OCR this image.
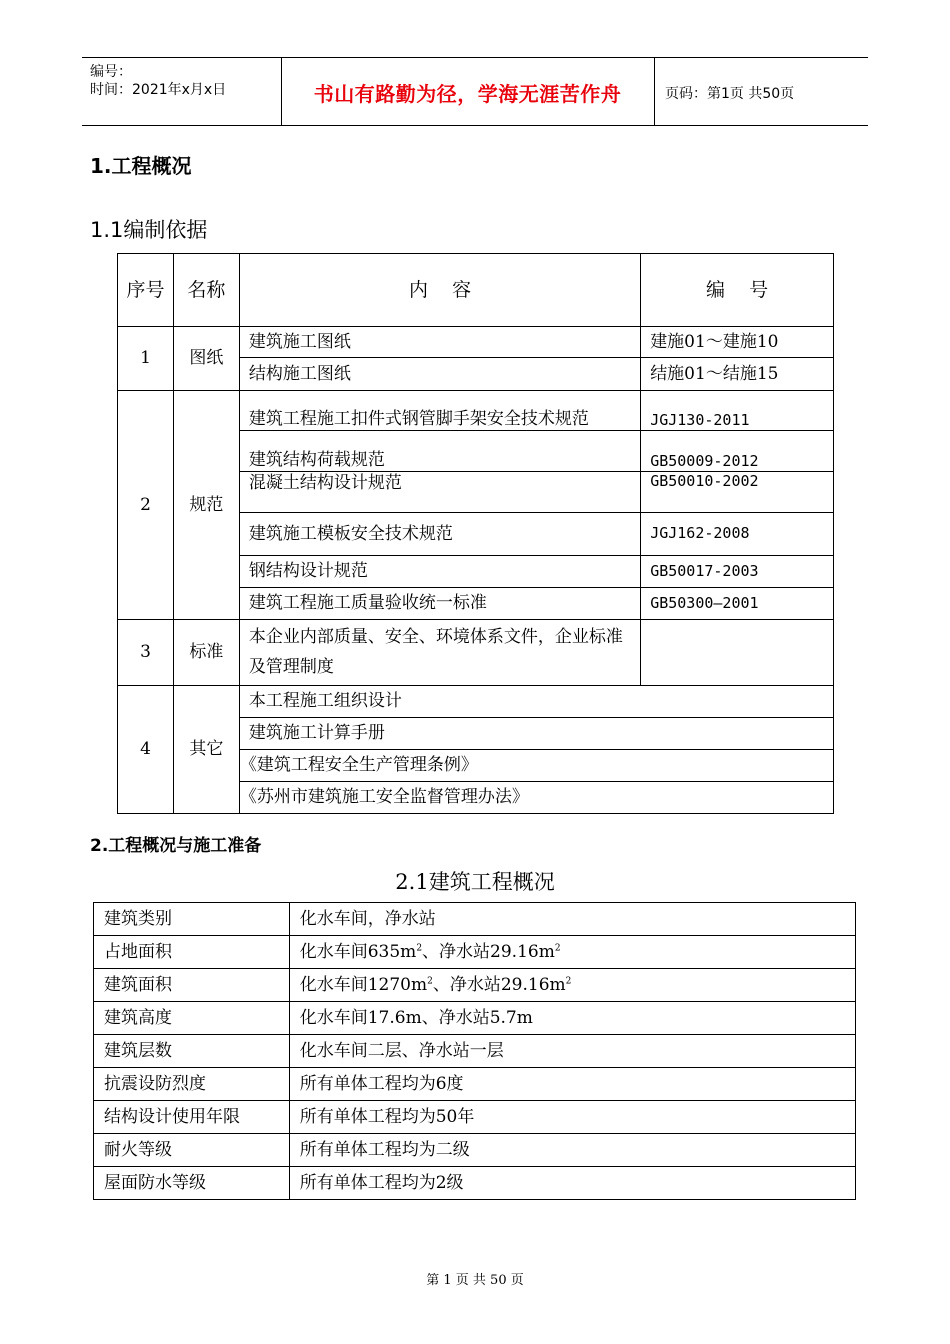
编号：
时间：2021年x月x日	书山有路勤为径，学海无涯苦作舟	页码：第1页 共50页
1.工程概况
1.1编制依据
序号	名称	内    容	编    号
1	图纸	建筑施工图纸	建施01～建施10
		结构施工图纸	结施01～结施15
2	规范	建筑工程施工扣件式钢管脚手架安全技术规范	JGJ130-2011
		建筑结构荷载规范	GB50009-2012
		混凝土结构设计规范	GB50010-2002
		建筑施工模板安全技术规范	JGJ162-2008
		钢结构设计规范	GB50017-2003
		建筑工程施工质量验收统一标准	GB50300—2001
3	标准	本企业内部质量、安全、环境体系文件，企业标准及管理制度	
4	其它	本工程施工组织设计	
		建筑施工计算手册	
		《建筑工程安全生产管理条例》	
		《苏州市建筑施工安全监督管理办法》	
2.工程概况与施工准备
2.1建筑工程概况
建筑类别	化水车间，净水站
占地面积	化水车间$635m^2$、净水站$29.16m^2$
建筑面积	化水车间$1270m^2$、净水站$29.16m^2$
建筑高度	化水车间17.6m、净水站5.7m
建筑层数	化水车间二层、净水站一层
抗震设防烈度	所有单体工程均为6度
结构设计使用年限	所有单体工程均为50年
耐火等级	所有单体工程均为二级
屋面防水等级	所有单体工程均为2级
第 1 页 共 50 页
